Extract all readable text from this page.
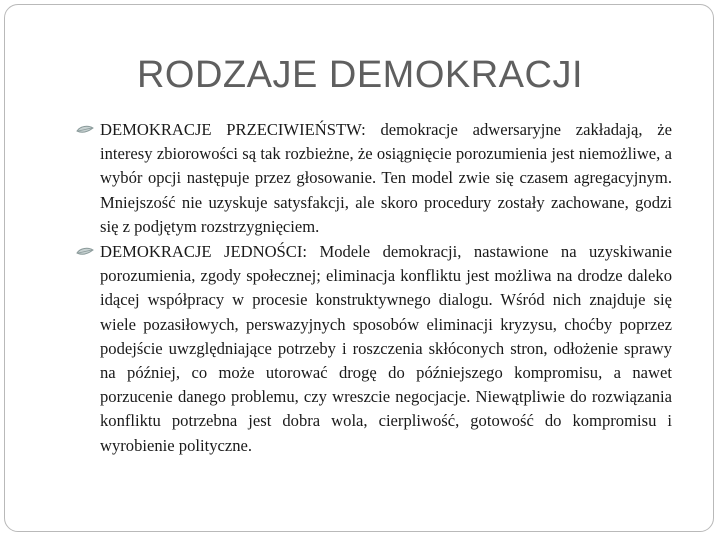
RODZAJE DEMOKRACJI
DEMOKRACJE PRZECIWIEŃSTW: demokracje adwersaryjne zakładają, że interesy zbiorowości są tak rozbieżne, że osiągnięcie porozumienia jest niemożliwe, a wybór opcji następuje przez głosowanie. Ten model zwie się czasem agregacyjnym. Mniejszość nie uzyskuje satysfakcji, ale skoro procedury zostały zachowane, godzi się z podjętym rozstrzygnięciem.
DEMOKRACJE JEDNOŚCI: Modele demokracji, nastawione na uzyskiwanie porozumienia, zgody społecznej; eliminacja konfliktu jest możliwa na drodze daleko idącej współpracy w procesie konstruktywnego dialogu. Wśród nich znajduje się wiele pozasiłowych, perswazyjnych sposobów eliminacji kryzysu, choćby poprzez podejście uwzględniające potrzeby i roszczenia skłóconych stron, odłożenie sprawy na później, co może utorować drogę do późniejszego kompromisu, a nawet porzucenie danego problemu, czy wreszcie negocjacje. Niewątpliwie do rozwiązania konfliktu potrzebna jest dobra wola, cierpliwość, gotowość do kompromisu i wyrobienie polityczne.
